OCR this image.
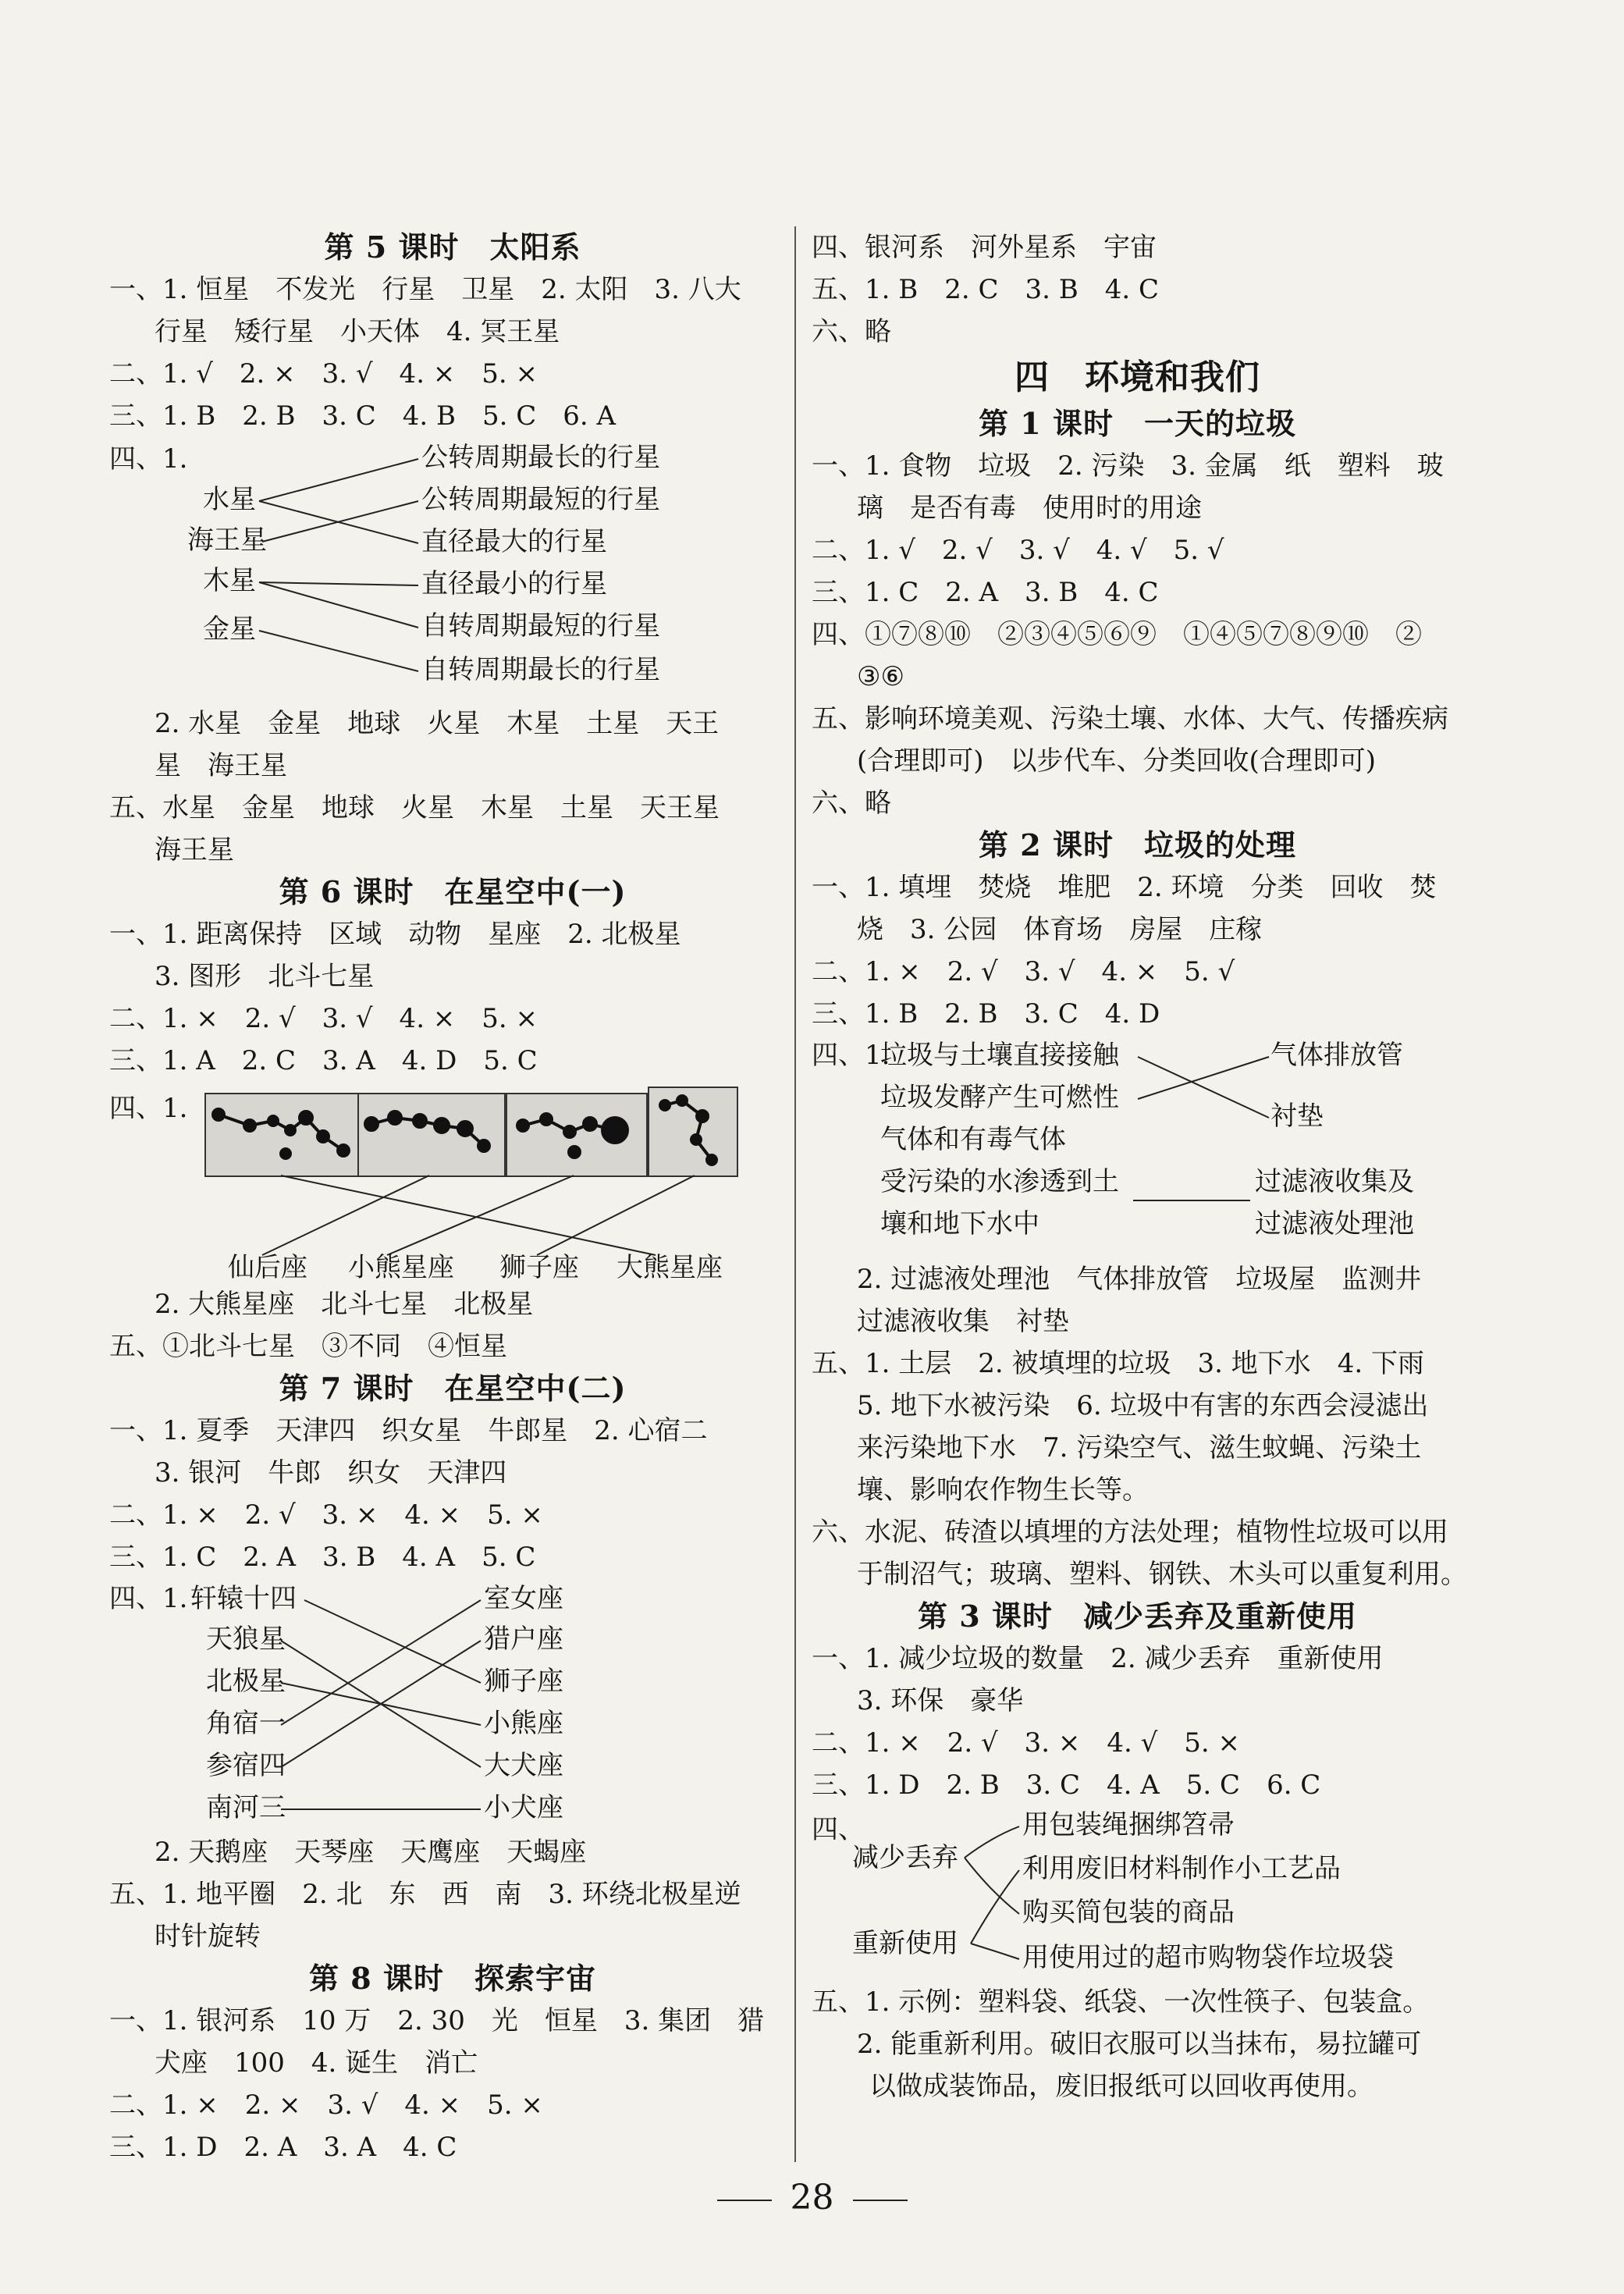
第 5 课时　太阳系
一、1. 恒星　不发光　行星　卫星　2. 太阳　3. 八大
行星　矮行星　小天体　4. 冥王星
二、1. √　2. ×　3. √　4. ×　5. ×
三、1. B　2. B　3. C　4. B　5. C　6. A
四、1.
水星
海王星
木星
金星
公转周期最长的行星
公转周期最短的行星
直径最大的行星
直径最小的行星
自转周期最短的行星
自转周期最长的行星
2. 水星　金星　地球　火星　木星　土星　天王
星　海王星
五、水星　金星　地球　火星　木星　土星　天王星
海王星
第 6 课时　在星空中(一)
一、1. 距离保持　区域　动物　星座　2. 北极星
3. 图形　北斗七星
二、1. ×　2. √　3. √　4. ×　5. ×
三、1. A　2. C　3. A　4. D　5. C
四、1.
仙后座 小熊星座 狮子座 大熊星座
2. 大熊星座　北斗七星　北极星
五、①北斗七星　③不同　④恒星
第 7 课时　在星空中(二)
一、1. 夏季　天津四　织女星　牛郎星　2. 心宿二
3. 银河　牛郎　织女　天津四
二、1. ×　2. √　3. ×　4. ×　5. ×
三、1. C　2. A　3. B　4. A　5. C
四、1. 轩辕十四
天狼星
北极星
角宿一
参宿四
南河三
室女座
猎户座
狮子座
小熊座
大犬座
小犬座
2. 天鹅座　天琴座　天鹰座　天蝎座
五、1. 地平圈　2. 北　东　西　南　3. 环绕北极星逆
时针旋转
第 8 课时　探索宇宙
一、1. 银河系　10 万　2. 30　光　恒星　3. 集团　猎
犬座　100　4. 诞生　消亡
二、1. ×　2. ×　3. √　4. ×　5. ×
三、1. D　2. A　3. A　4. C
四、银河系　河外星系　宇宙
五、1. B　2. C　3. B　4. C
六、略
四　环境和我们
第 1 课时　一天的垃圾
一、1. 食物　垃圾　2. 污染　3. 金属　纸　塑料　玻
璃　是否有毒　使用时的用途
二、1. √　2. √　3. √　4. √　5. √
三、1. C　2. A　3. B　4. C
四、①⑦⑧⑩　②③④⑤⑥⑨　①④⑤⑦⑧⑨⑩　②
③⑥
五、影响环境美观、污染土壤、水体、大气、传播疾病
(合理即可)　以步代车、分类回收(合理即可)
六、略
第 2 课时　垃圾的处理
一、1. 填埋　焚烧　堆肥　2. 环境　分类　回收　焚
烧　3. 公园　体育场　房屋　庄稼
二、1. ×　2. √　3. √　4. ×　5. √
三、1. B　2. B　3. C　4. D
四、1.
垃圾与土壤直接接触
垃圾发酵产生可燃性
气体和有毒气体
受污染的水渗透到土
壤和地下水中
气体排放管
衬垫
过滤液收集及
过滤液处理池
2. 过滤液处理池　气体排放管　垃圾屋　监测井
过滤液收集　衬垫
五、1. 土层　2. 被填埋的垃圾　3. 地下水　4. 下雨
5. 地下水被污染　6. 垃圾中有害的东西会浸滤出
来污染地下水　7. 污染空气、滋生蚊蝇、污染土
壤、影响农作物生长等。
六、水泥、砖渣以填埋的方法处理；植物性垃圾可以用
于制沼气；玻璃、塑料、钢铁、木头可以重复利用。
第 3 课时　减少丢弃及重新使用
一、1. 减少垃圾的数量　2. 减少丢弃　重新使用
3. 环保　豪华
二、1. ×　2. √　3. ×　4. √　5. ×
三、1. D　2. B　3. C　4. A　5. C　6. C
四、
减少丢弃
重新使用
用包装绳捆绑笤帚
利用废旧材料制作小工艺品
购买简包装的商品
用使用过的超市购物袋作垃圾袋
五、1. 示例：塑料袋、纸袋、一次性筷子、包装盒。
2. 能重新利用。破旧衣服可以当抹布，易拉罐可
以做成装饰品，废旧报纸可以回收再使用。
28
